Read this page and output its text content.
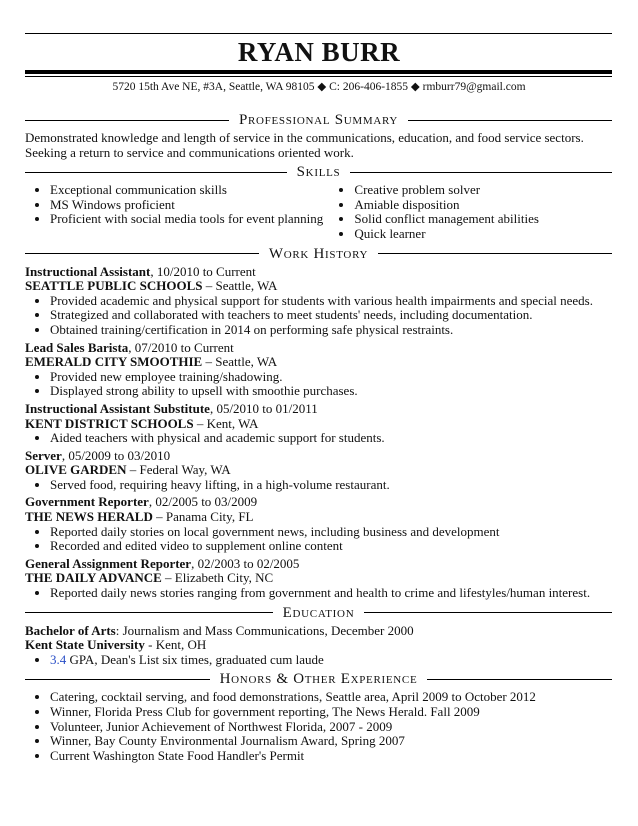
RYAN BURR
5720 15th Ave NE, #3A, Seattle, WA 98105 ◆ C: 206-406-1855 ◆ rmburr79@gmail.com
Professional Summary
Demonstrated knowledge and length of service in the communications, education, and food service sectors. Seeking a return to service and communications oriented work.
Skills
• Exceptional communication skills
• MS Windows proficient
• Proficient with social media tools for event planning
• Creative problem solver
• Amiable disposition
• Solid conflict management abilities
• Quick learner
Work History
Instructional Assistant, 10/2010 to Current
SEATTLE PUBLIC SCHOOLS – Seattle, WA
• Provided academic and physical support for students with various health impairments and special needs.
• Strategized and collaborated with teachers to meet students' needs, including documentation.
• Obtained training/certification in 2014 on performing safe physical restraints.
Lead Sales Barista, 07/2010 to Current
EMERALD CITY SMOOTHIE – Seattle, WA
• Provided new employee training/shadowing.
• Displayed strong ability to upsell with smoothie purchases.
Instructional Assistant Substitute, 05/2010 to 01/2011
KENT DISTRICT SCHOOLS – Kent, WA
• Aided teachers with physical and academic support for students.
Server, 05/2009 to 03/2010
OLIVE GARDEN – Federal Way, WA
• Served food, requiring heavy lifting, in a high-volume restaurant.
Government Reporter, 02/2005 to 03/2009
THE NEWS HERALD – Panama City, FL
• Reported daily stories on local government news, including business and development
• Recorded and edited video to supplement online content
General Assignment Reporter, 02/2003 to 02/2005
THE DAILY ADVANCE – Elizabeth City, NC
• Reported daily news stories ranging from government and health to crime and lifestyles/human interest.
Education
Bachelor of Arts: Journalism and Mass Communications, December 2000
Kent State University - Kent, OH
• 3.4 GPA, Dean's List six times, graduated cum laude
Honors & Other Experience
• Catering, cocktail serving, and food demonstrations, Seattle area, April 2009 to October 2012
• Winner, Florida Press Club for government reporting, The News Herald. Fall 2009
• Volunteer, Junior Achievement of Northwest Florida, 2007 - 2009
• Winner, Bay County Environmental Journalism Award, Spring 2007
• Current Washington State Food Handler's Permit
